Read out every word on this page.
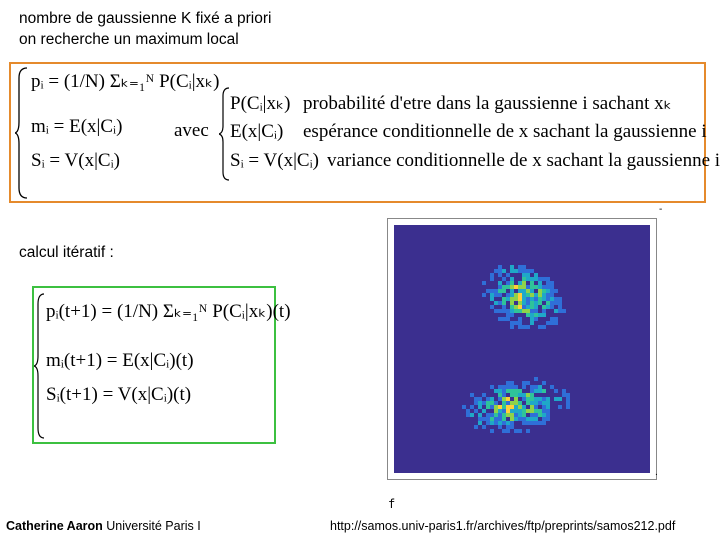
nombre de gaussienne K fixé a priori
on recherche un maximum local
pᵢ = (1/N) Σₖ₌₁ᴺ P(Cᵢ|xₖ)
mᵢ = E(x|Cᵢ)
Sᵢ = V(x|Cᵢ)
avec
P(Cᵢ|xₖ) probabilité d'etre dans la gaussienne i sachant xₖ
E(x|Cᵢ) espérance conditionnelle de x sachant la gaussienne i
Sᵢ = V(x|Cᵢ) variance conditionnelle de x sachant la gaussienne i
-
calcul itératif :
pᵢ(t+1) = (1/N) Σₖ₌₁ᴺ P(Cᵢ|xₖ)(t)
mᵢ(t+1) = E(x|Cᵢ)(t)
Sᵢ(t+1) = V(x|Cᵢ)(t)
.
f
Catherine Aaron Université Paris I	http://samos.univ-paris1.fr/archives/ftp/preprints/samos212.pdf
